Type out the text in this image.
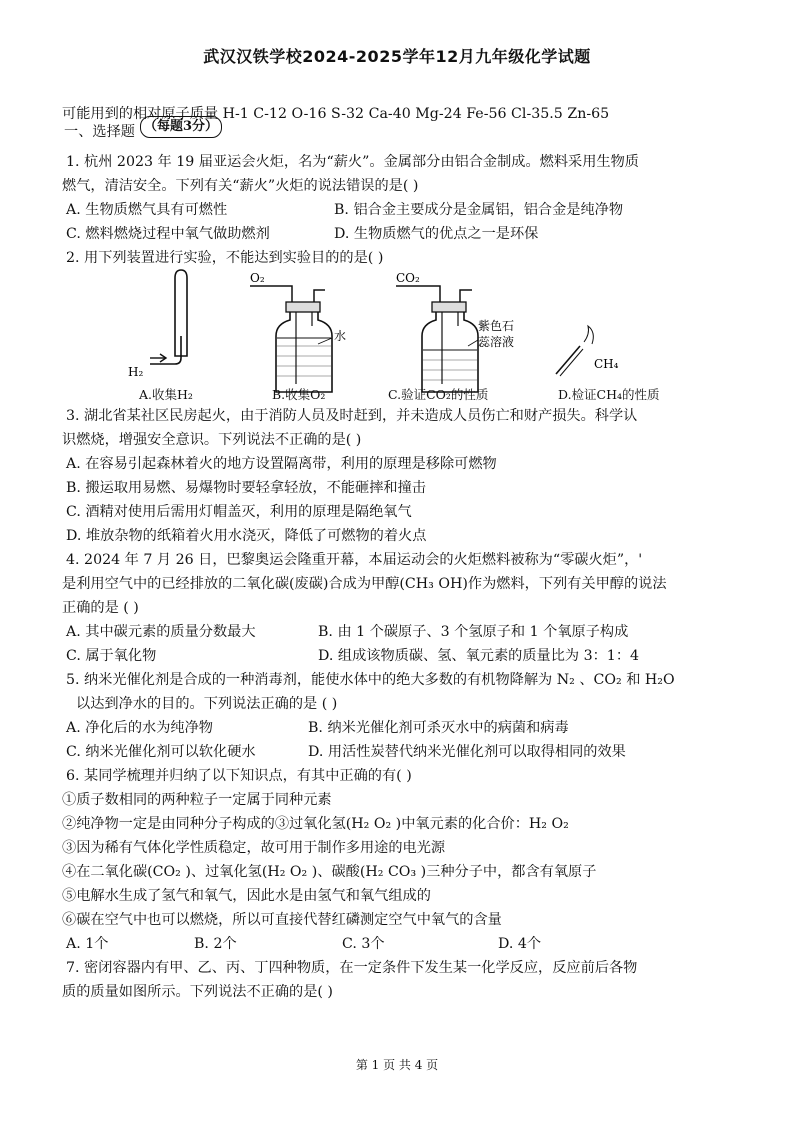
武汉汉铁学校2024-2025学年12月九年级化学试题
可能用到的相对原子质量 H-1 C-12 O-16 S-32 Ca-40 Mg-24 Fe-56 Cl-35.5 Zn-65
一、选择题 （每题3分）
1. 杭州 2023 年 19 届亚运会火炬，名为“薪火”。金属部分由铝合金制成。燃料采用生物质
燃气，清洁安全。下列有关“薪火”火炬的说法错误的是( )
A. 生物质燃气具有可燃性	B. 铝合金主要成分是金属铝，铝合金是纯净物
C. 燃料燃烧过程中氧气做助燃剂	D. 生物质燃气的优点之一是环保
2. 用下列装置进行实验，不能达到实验目的的是( )
H₂
O₂
水
CO₂
紫色石
蕊溶液
CH₄
A.收集H₂	B.收集O₂	C.验证CO₂的性质	D.检证CH₄的性质
3. 湖北省某社区民房起火，由于消防人员及时赶到，并未造成人员伤亡和财产损失。科学认
识燃烧，增强安全意识。下列说法不正确的是( )
A. 在容易引起森林着火的地方设置隔离带，利用的原理是移除可燃物
B. 搬运取用易燃、易爆物时要轻拿轻放，不能砸摔和撞击
C. 酒精对使用后需用灯帽盖灭，利用的原理是隔绝氧气
D. 堆放杂物的纸箱着火用水浇灭，降低了可燃物的着火点
4. 2024 年 7 月 26 日，巴黎奥运会隆重开幕，本届运动会的火炬燃料被称为“零碳火炬”，'
是利用空气中的已经排放的二氧化碳(废碳)合成为甲醇(CH₃ OH)作为燃料，下列有关甲醇的说法
正确的是 ( )
A. 其中碳元素的质量分数最大	B. 由 1 个碳原子、3 个氢原子和 1 个氧原子构成
C. 属于氧化物	D. 组成该物质碳、氢、氧元素的质量比为 3：1：4
5. 纳米光催化剂是合成的一种消毒剂，能使水体中的绝大多数的有机物降解为 N₂ 、CO₂ 和 H₂O
以达到净水的目的。下列说法正确的是 ( )
A. 净化后的水为纯净物	B. 纳米光催化剂可杀灭水中的病菌和病毒
C. 纳米光催化剂可以软化硬水	D. 用活性炭替代纳米光催化剂可以取得相同的效果
6. 某同学梳理并归纳了以下知识点，有其中正确的有( )
①质子数相同的两种粒子一定属于同种元素
②纯净物一定是由同种分子构成的③过氧化氢(H₂ O₂ )中氧元素的化合价：H₂ O₂
③因为稀有气体化学性质稳定，故可用于制作多用途的电光源
④在二氧化碳(CO₂ )、过氧化氢(H₂ O₂ )、碳酸(H₂ CO₃ )三种分子中，都含有氧原子
⑤电解水生成了氢气和氧气，因此水是由氢气和氧气组成的
⑥碳在空气中也可以燃烧，所以可直接代替红磷测定空气中氧气的含量
A. 1个	B. 2个	C. 3个	D. 4个
7. 密闭容器内有甲、乙、丙、丁四种物质，在一定条件下发生某一化学反应，反应前后各物
质的质量如图所示。下列说法不正确的是( )
第 1 页 共 4 页
